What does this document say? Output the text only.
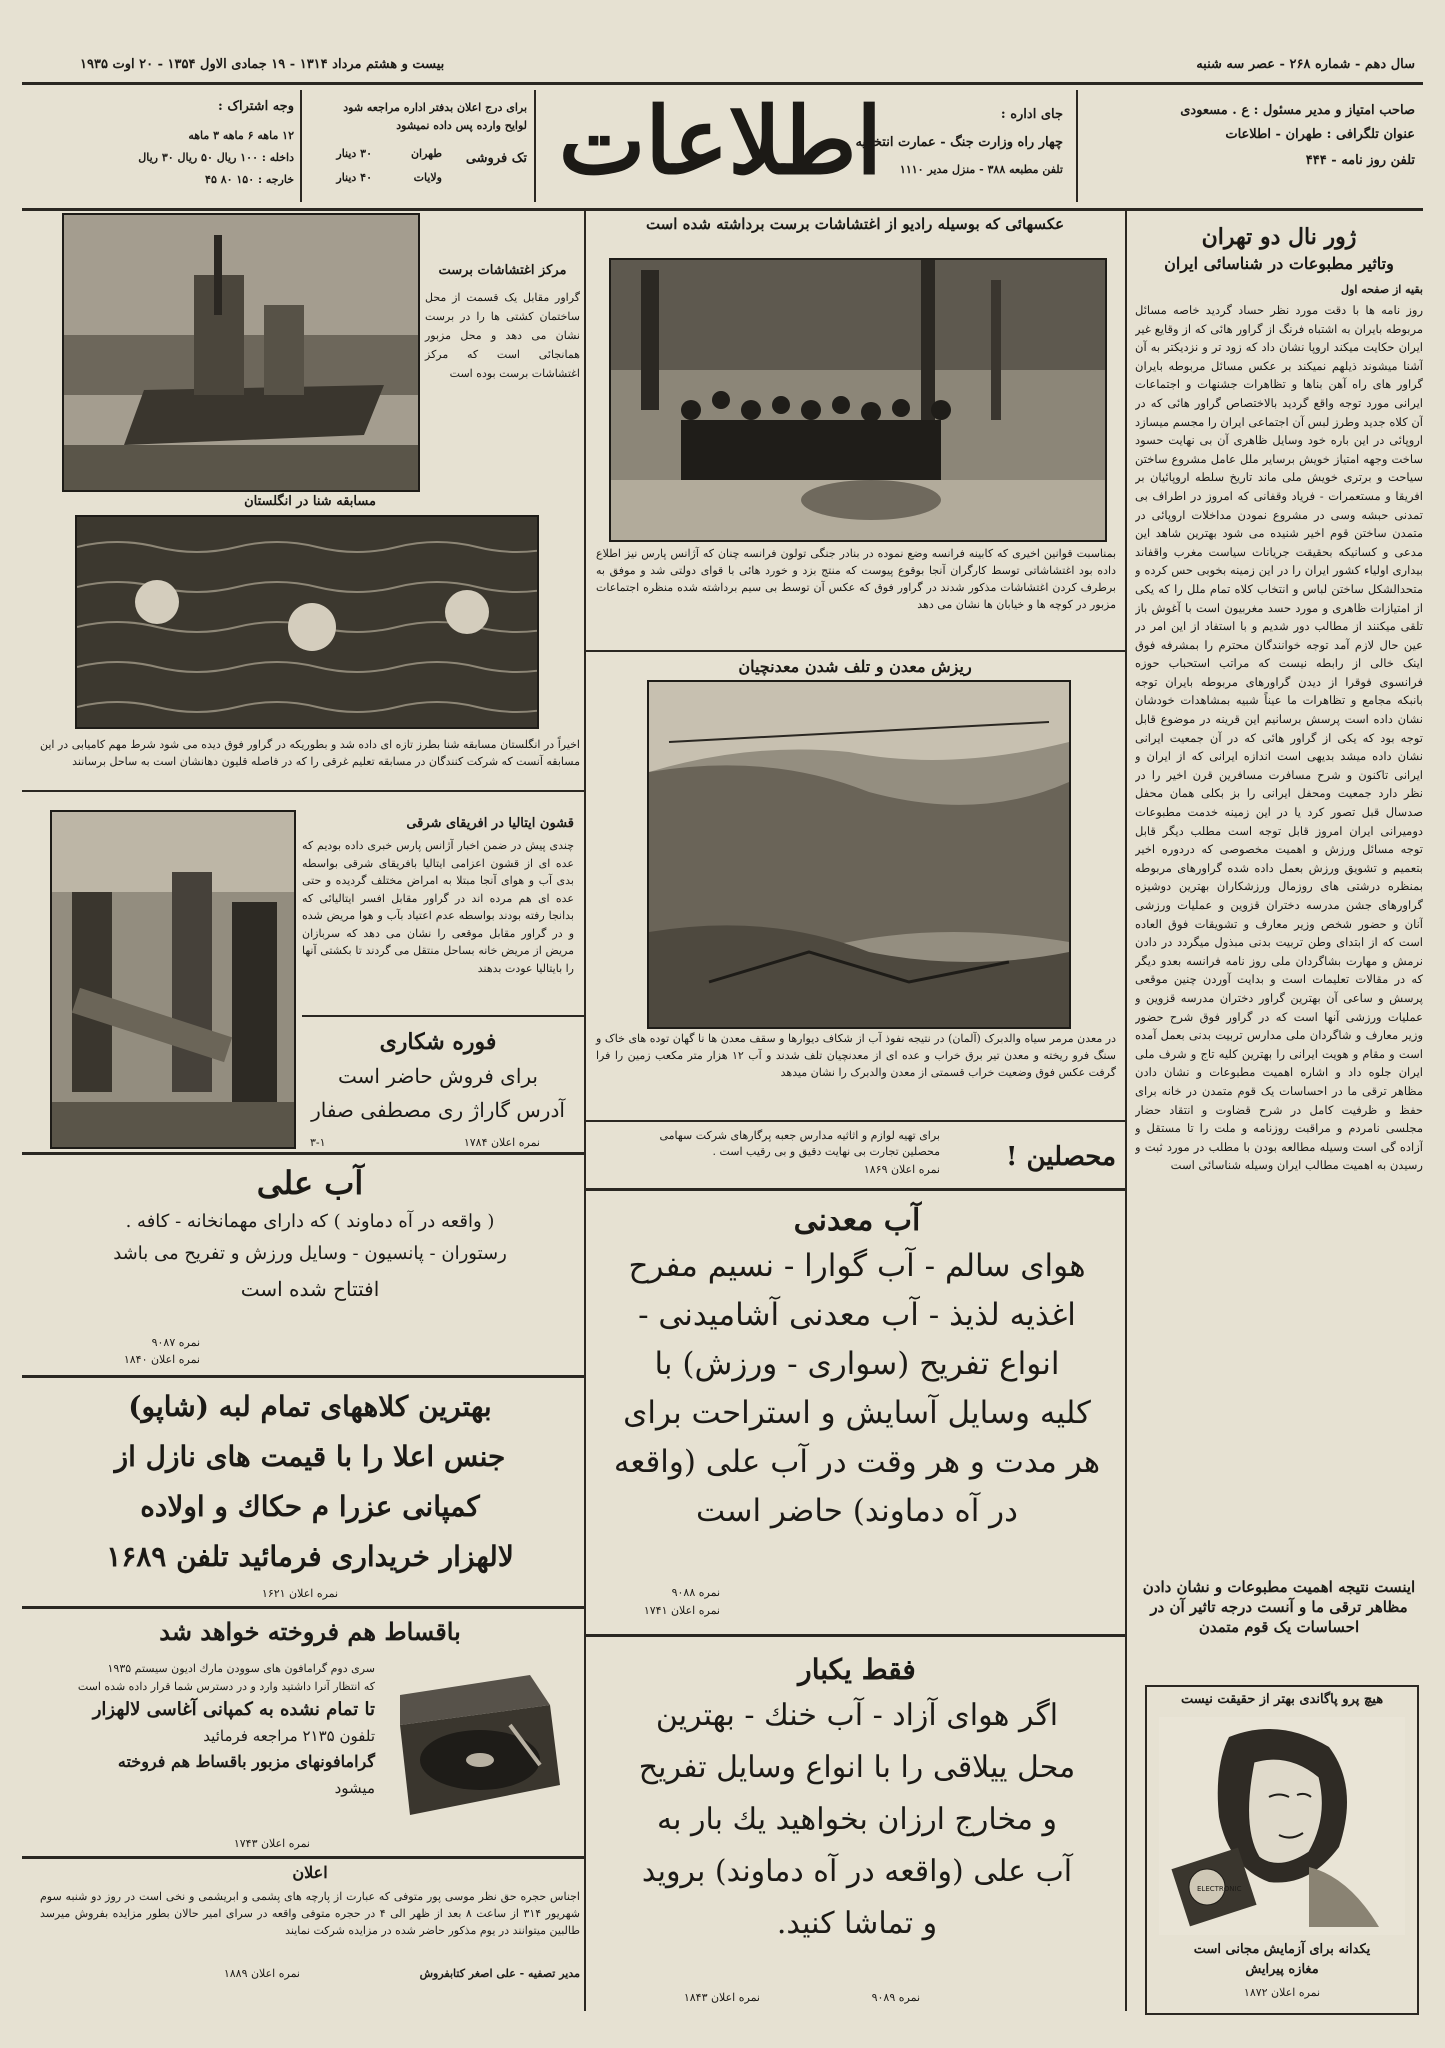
سال دهم - شماره ۲۶۸ - عصر سه شنبه
بیست و هشتم مرداد ۱۳۱۴ - ۱۹ جمادی الاول ۱۳۵۴ - ۲۰ اوت ۱۹۳۵
صاحب امتیاز و مدیر مسئول : ع . مسعودی
عنوان تلگرافی : طهران - اطلاعات
تلفن روز نامه - ۴۴۴
جای اداره :
چهار راه وزارت جنگ - عمارت انتخابیه
تلفن مطبعه ۳۸۸ - منزل مدیر ۱۱۱۰
اطلاعات
برای درج اعلان بدفتر اداره مراجعه شود
لوایح وارده پس داده نمیشود
تک فروشی
طهران
۳۰ دینار
ولایات
۴۰ دینار
وجه اشتراک :
۱۲ ماهه ۶ ماهه ۳ ماهه
داخله : ۱۰۰ ریال ۵۰ ریال ۳۰ ریال
خارجه : ۱۵۰ ۸۰ ۴۵
ژور نال دو تهران
وتاثیر مطبوعات در شناسائی ایران
بقیه از صفحه اول
روز نامه ها با دقت مورد نظر حساد گردید خاصه مسائل مربوطه بایران به اشتباه فرنگ از گراور هائی که از وقایع غیر ایران حکایت میکند اروپا نشان داد که زود تر و نزدیکتر به آن آشنا میشوند ذیلهم نمیکند بر عکس مسائل مربوطه بایران گراور های راه آهن بناها و تظاهرات جشنهات و اجتماعات ایرانی مورد توجه واقع گردید بالاختصاص گراور هائی که در آن کلاه جدید وطرز لبس آن اجتماعی ایران را مجسم میسازد اروپائی در این باره خود وسایل ظاهری آن بی نهایت حسود ساخت وجهه امتیاز خویش برسایر ملل عامل مشروع ساختن سیاحت و برتری خویش ملی ماند تاریخ سلطه اروپائیان بر افریقا و مستعمرات - فریاد وقفانی که امروز در اطراف بی تمدنی حبشه وسی در مشروع نمودن مداخلات اروپائی در متمدن ساختن قوم اخیر شنیده می شود بهترین شاهد این مدعی و کسانیکه بحقیقت جریانات سیاست مغرب واقفاند بیداری اولیاء کشور ایران را در این زمینه بخوبی حس کرده و متحدالشکل ساختن لباس و انتخاب کلاه تمام ملل را که یکی از امتیازات ظاهری و مورد حسد مغربیون است با آغوش باز تلقی میکنند از مطالب دور شدیم و با استفاد از این امر در عین حال لازم آمد توجه خوانندگان محترم را بمشرفه فوق اینک خالی از رابطه نیست که مراتب استحباب حوزه فرانسوی فوقرا از دیدن گراورهای مربوطه بایران توجه بانبکه مجامع و تظاهرات ما عیناً شبیه بمشاهدات خودشان نشان داده است پرسش برسانیم این قرینه در موضوع قابل توجه بود که یکی از گراور هائی که در آن جمعیت ایرانی نشان داده میشد بدیهی است اندازه ایرانی که از ایران و ایرانی تاکنون و شرح مسافرت مسافرین قرن اخیر را در نظر دارد جمعیت ومحفل ایرانی را بز بکلی همان محفل صدسال قبل تصور کرد یا در این زمینه خدمت مطبوعات دومیرانی ایران امروز قابل توجه است مطلب دیگر قابل توجه مسائل ورزش و اهمیت مخصوصی که دردوره اخیر بتعمیم و تشویق ورزش بعمل داده شده گراورهای مربوطه بمنظره درشتی های روزمال ورزشکاران بهترین دوشیزه گراورهای جشن مدرسه دختران قزوین و عملیات ورزشی آنان و حضور شخص وزیر معارف و تشویقات فوق العاده است که از ابتدای وطن تربیت بدنی مبذول میگردد در دادن نرمش و مهارت بشاگردان ملی روز نامه فرانسه بعدو دیگر که در مقالات تعلیمات است و بدایت آوردن چنین موقعی پرسش و ساعی آن بهترین گراور دختران مدرسه قزوین و عملیات ورزشی آنها است که در گراور فوق شرح حضور وزیر معارف و شاگردان ملی مدارس تربیت بدنی بعمل آمده است و مقام و هویت ایرانی را بهترین کلیه تاج و شرف ملی ایران جلوه داد و اشاره اهمیت مطبوعات و نشان دادن مظاهر ترقی ما در احساسات یک قوم متمدن در خانه برای حفظ و ظرفیت کامل در شرح قضاوت و انتقاد حضار مجلسی نامردم و مراقبت روزنامه و ملت را تا مستقل و آزاده گی است وسیله مطالعه بودن با مطلب در مورد ثبت و رسیدن به اهمیت مطالب ایران وسیله شناسائی است
اینست نتیجه اهمیت مطبوعات و نشان دادن مظاهر ترقی ما و آنست درجه تاثیر آن در احساسات یک قوم متمدن
هیچ پرو پاگاندی بهتر از حقیقت نیست
ELECTRONIC
یکدانه برای آزمایش مجانی است
مغازه پیرایش
نمره اعلان ۱۸۷۲
عکسهائی که بوسیله رادیو از اغتشاشات برست برداشته شده است
بمناسبت قوانین اخیری که کابینه فرانسه وضع نموده در بنادر جنگی تولون فرانسه چنان که آژانس پارس نیز اطلاع داده بود اغتشاشاتی توسط کارگران آنجا بوقوع پیوست که منتج بزد و خورد هائی با قوای دولتی شد و موفق به برطرف کردن اغتشاشات مذکور شدند در گراور فوق که عکس آن توسط بی سیم برداشته شده منظره اجتماعات مزبور در کوچه ها و خیابان ها نشان می دهد
ریزش معدن و تلف شدن معدنچیان
در معدن مرمر سیاه والدبرک (آلمان) در نتیجه نفوذ آب از شکاف دیوارها و سقف معدن ها نا گهان توده های خاک و سنگ فرو ریخته و معدن تیر برق خراب و عده ای از معدنچیان تلف شدند و آب ۱۲ هزار متر مکعب زمین را فرا گرفت عکس فوق وضعیت خراب قسمتی از معدن والدبرک را نشان میدهد
محصلین !
برای تهیه لوازم و اثاثیه مدارس جعبه پرگارهای شرکت سهامی محصلین تجارت بی نهایت دقیق و بی رقیب است .
نمره اعلان ۱۸۶۹
آب معدنی
هوای سالم - آب گوارا - نسیم مفرح
اغذیه لذیذ - آب معدنی آشامیدنی -
انواع تفریح (سواری - ورزش) با
کلیه وسایل آسایش و استراحت برای
هر مدت و هر وقت در آب علی (واقعه
در آه دماوند) حاضر است
نمره ۹۰۸۸
نمره اعلان ۱۷۴۱
فقط یکبار
اگر هوای آزاد - آب خنك - بهترین
محل ییلاقی را با انواع وسایل تفریح
و مخارج ارزان بخواهید یك بار به
آب علی (واقعه در آه دماوند) بروید
و تماشا کنید.
نمره ۹۰۸۹
نمره اعلان ۱۸۴۳
مرکز اغتشاشات برست
گراور مقابل یک قسمت از محل ساختمان کشتی ها را در برست نشان می دهد و محل مزبور همانجائی است که مرکز اغتشاشات برست بوده است
مسابقه شنا در انگلستان
اخیراً در انگلستان مسابقه شنا بطرز تازه ای داده شد و بطوریکه در گراور فوق دیده می شود شرط مهم کامیابی در این مسابقه آنست که شرکت کنندگان در مسابقه تعلیم غرقی را که در فاصله قلیون دهانشان است به ساحل برسانند
قشون ایتالیا در افریقای شرقی
چندی پیش در ضمن اخبار آژانس پارس خبری داده بودیم که عده ای از قشون اعزامی ایتالیا بافریقای شرقی بواسطه بدی آب و هوای آنجا مبتلا به امراض مختلف گردیده و حتی عده ای هم مرده اند در گراور مقابل افسر ایتالیائی که بدانجا رفته بودند بواسطه عدم اعتیاد بآب و هوا مریض شده و در گراور مقابل موقعی را نشان می دهد که سربازان مریض از مریض خانه بساحل منتقل می گردند تا بکشتی آنها را بایتالیا عودت بدهند
فوره شکاری
برای فروش حاضر است
آدرس گاراژ ری مصطفی صفار
نمره اعلان ۱۷۸۴
۳-۱
آب علی
( واقعه در آه دماوند ) که دارای مهمانخانه - کافه .
رستوران - پانسیون - وسایل ورزش و تفریح می باشد
افتتاح شده است
نمره ۹۰۸۷
نمره اعلان ۱۸۴۰
بهترین کلاههای تمام لبه (شاپو)
جنس اعلا را با قیمت های نازل از
کمپانی عزرا م حکاك و اولاده
لالهزار خریداری فرمائید تلفن ۱۶۸۹
نمره اعلان ۱۶۲۱
باقساط هم فروخته خواهد شد
سری دوم گرامافون های سوودن مارك ادیون سیستم ۱۹۳۵
که انتظار آنرا داشتید وارد و در دسترس شما قرار داده شده است
تا تمام نشده به کمپانی آغاسی لالهزار
تلفون ۲۱۳۵ مراجعه فرمائید
گرامافونهای مزبور باقساط هم فروخته
میشود
نمره اعلان ۱۷۴۳
اعلان
اجناس حجره حق نظر موسی پور متوفی که عبارت از پارچه های پشمی و ابریشمی و نخی است در روز دو شنبه سوم شهریور ۳۱۴ از ساعت ۸ بعد از ظهر الی ۴ در حجره متوفی واقعه در سرای امیر حالان بطور مزایده بفروش میرسد طالبین میتوانند در یوم مذکور حاضر شده در مزایده شرکت نمایند
نمره اعلان ۱۸۸۹	مدیر تصفیه - علی اصغر کتابفروش
